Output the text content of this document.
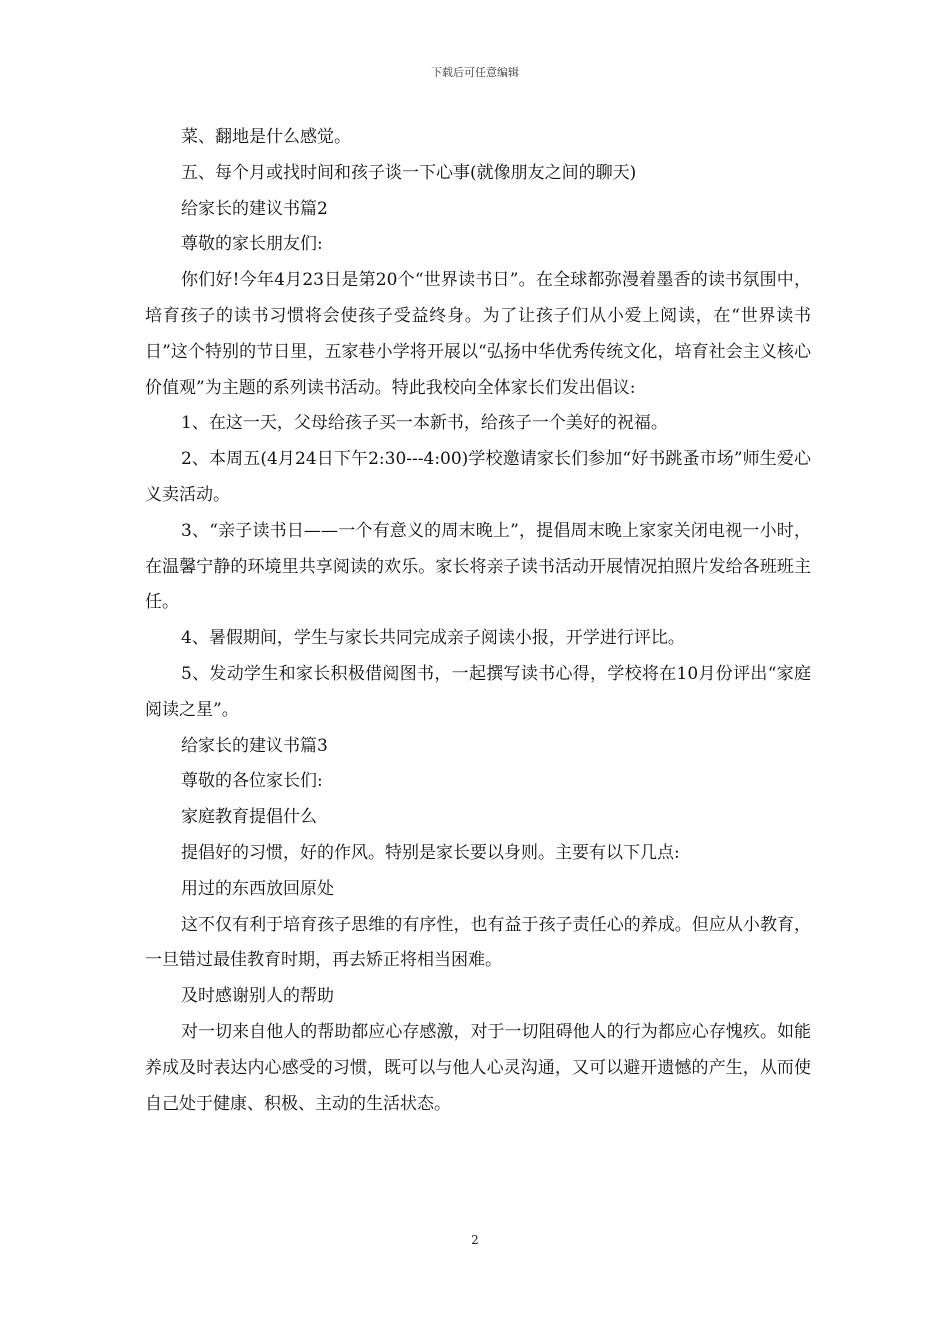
下载后可任意编辑

菜、翻地是什么感觉。

五、每个月或找时间和孩子谈一下心事(就像朋友之间的聊天)

给家长的建议书篇2

尊敬的家长朋友们:

你们好!今年4月23日是第20个“世界读书日”。在全球都弥漫着墨香的读书氛围中，培育孩子的读书习惯将会使孩子受益终身。为了让孩子们从小爱上阅读，在“世界读书日”这个特别的节日里，五家巷小学将开展以“弘扬中华优秀传统文化，培育社会主义核心价值观”为主题的系列读书活动。特此我校向全体家长们发出倡议:

1、在这一天，父母给孩子买一本新书，给孩子一个美好的祝福。

2、本周五(4月24日下午2:30---4:00)学校邀请家长们参加“好书跳蚤市场”师生爱心义卖活动。

3、“亲子读书日——一个有意义的周末晚上”，提倡周末晚上家家关闭电视一小时，在温馨宁静的环境里共享阅读的欢乐。家长将亲子读书活动开展情况拍照片发给各班班主任。

4、暑假期间，学生与家长共同完成亲子阅读小报，开学进行评比。

5、发动学生和家长积极借阅图书，一起撰写读书心得，学校将在10月份评出“家庭阅读之星”。

给家长的建议书篇3

尊敬的各位家长们:

家庭教育提倡什么

提倡好的习惯，好的作风。特别是家长要以身则。主要有以下几点:

用过的东西放回原处

这不仅有利于培育孩子思维的有序性，也有益于孩子责任心的养成。但应从小教育，一旦错过最佳教育时期，再去矫正将相当困难。

及时感谢别人的帮助

对一切来自他人的帮助都应心存感激，对于一切阻碍他人的行为都应心存愧疚。如能养成及时表达内心感受的习惯，既可以与他人心灵沟通，又可以避开遗憾的产生，从而使自己处于健康、积极、主动的生活状态。

2
